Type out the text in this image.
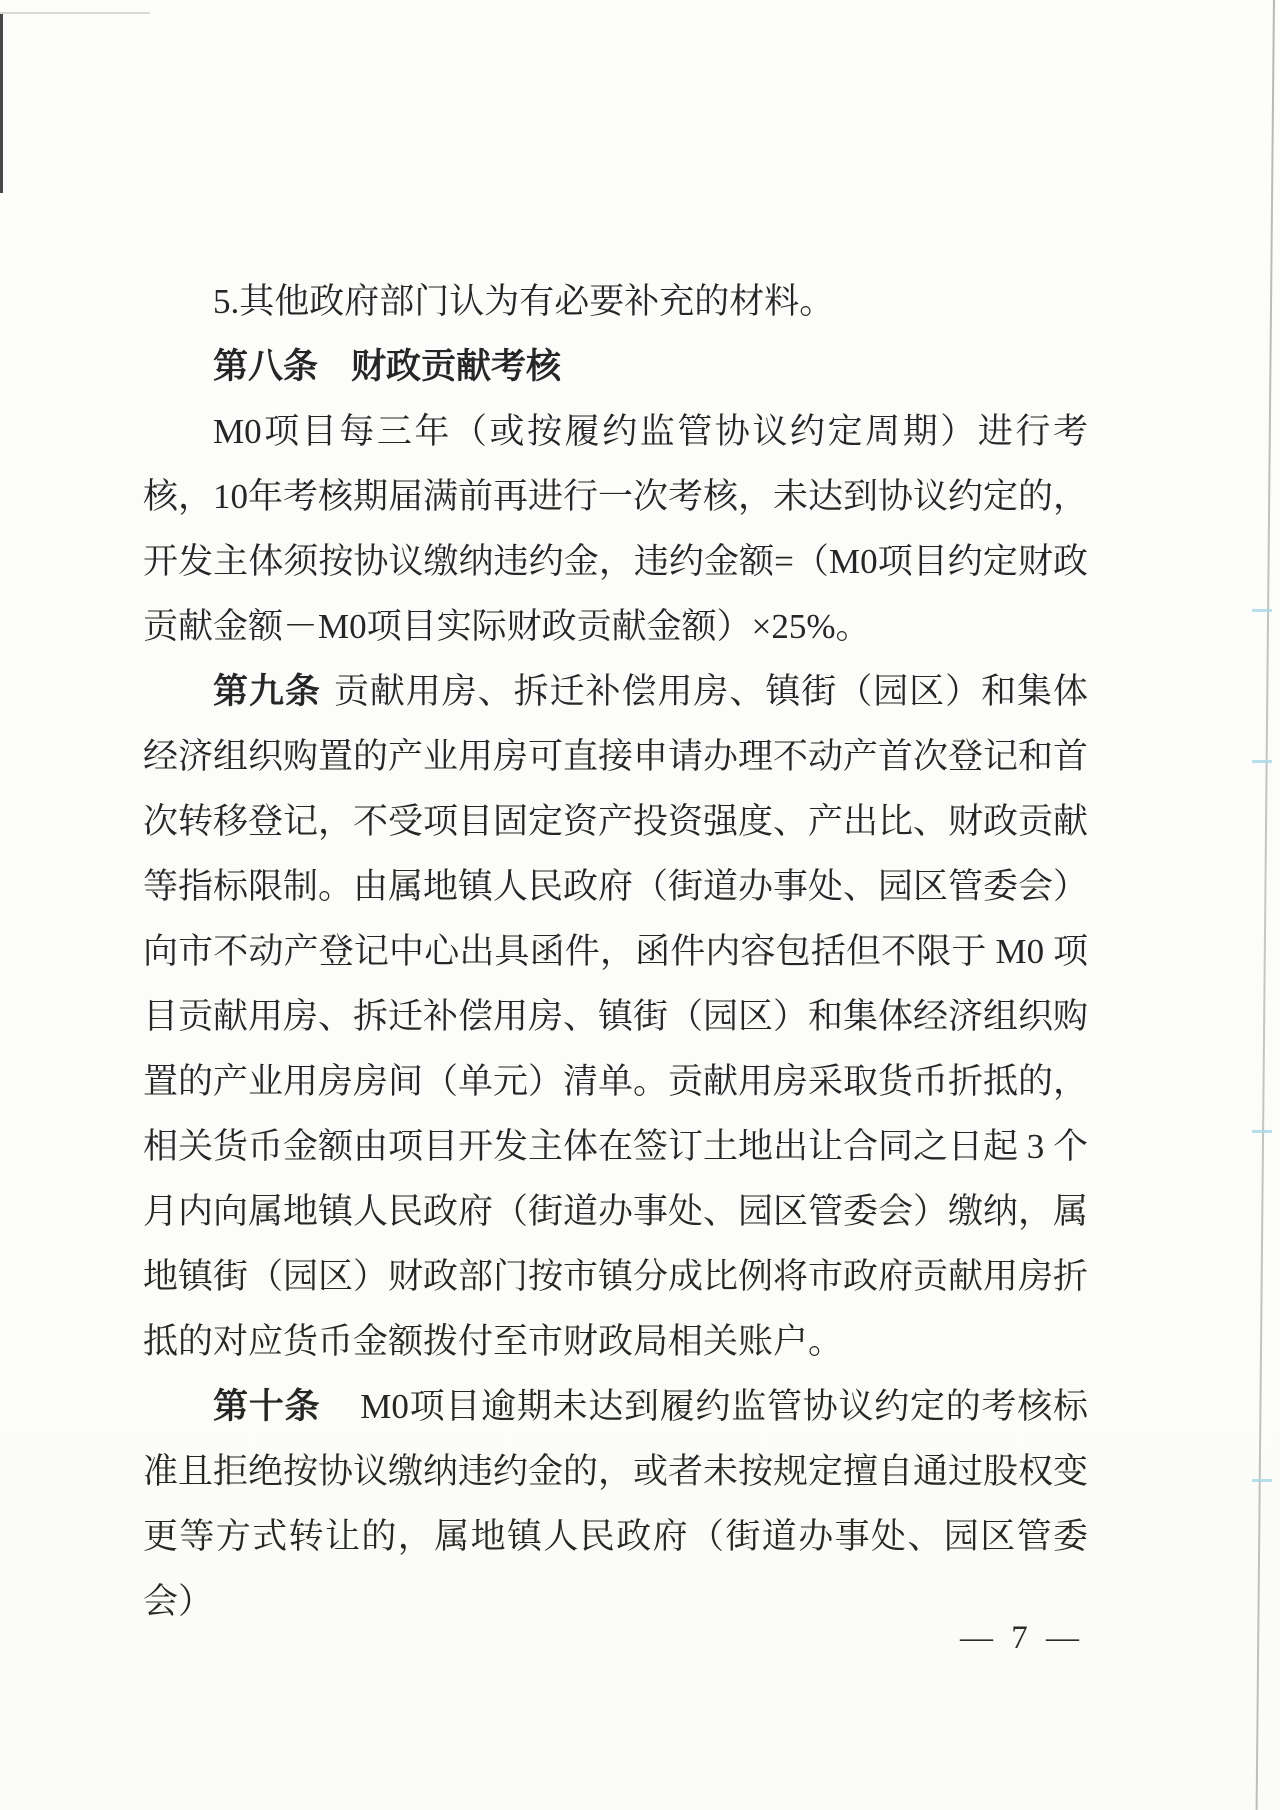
5.其他政府部门认为有必要补充的材料。

第八条 财政贡献考核

M0项目每三年（或按履约监管协议约定周期）进行考核，10年考核期届满前再进行一次考核，未达到协议约定的，开发主体须按协议缴纳违约金，违约金额=（M0项目约定财政贡献金额－M0项目实际财政贡献金额）×25%。

第九条 贡献用房、拆迁补偿用房、镇街（园区）和集体经济组织购置的产业用房可直接申请办理不动产首次登记和首次转移登记，不受项目固定资产投资强度、产出比、财政贡献等指标限制。由属地镇人民政府（街道办事处、园区管委会）向市不动产登记中心出具函件，函件内容包括但不限于 M0 项目贡献用房、拆迁补偿用房、镇街（园区）和集体经济组织购置的产业用房房间（单元）清单。贡献用房采取货币折抵的，相关货币金额由项目开发主体在签订土地出让合同之日起 3 个月内向属地镇人民政府（街道办事处、园区管委会）缴纳，属地镇街（园区）财政部门按市镇分成比例将市政府贡献用房折抵的对应货币金额拨付至市财政局相关账户。

第十条 M0项目逾期未达到履约监管协议约定的考核标准且拒绝按协议缴纳违约金的，或者未按规定擅自通过股权变更等方式转让的，属地镇人民政府（街道办事处、园区管委会）

— 7 —
